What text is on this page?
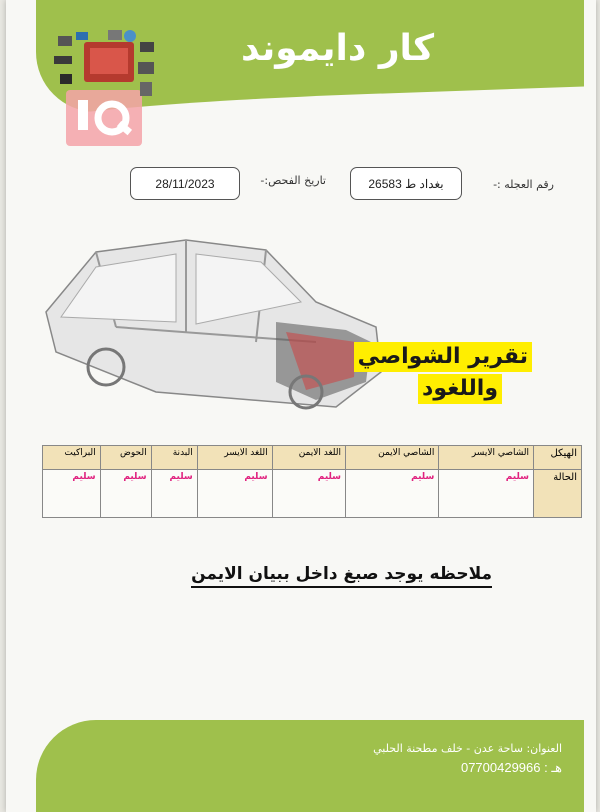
كار دايموند
رقم العجله :-
26583 بغداد ط
تاريخ الفحص:-
28/11/2023
تقرير الشواصي
واللغود
الهيكل	الشاصي الايسر	الشاصي الايمن	اللغد الايمن	اللغد الايسر	البدنة	الحوض	البراكيت
الحالة	سليم	سليم	سليم	سليم	سليم	سليم	سليم
ملاحظه يوجد صبغ داخل ببيان الايمن
العنوان: ساحة عدن - خلف مطحنة الحلبي
هـ : 07700429966
